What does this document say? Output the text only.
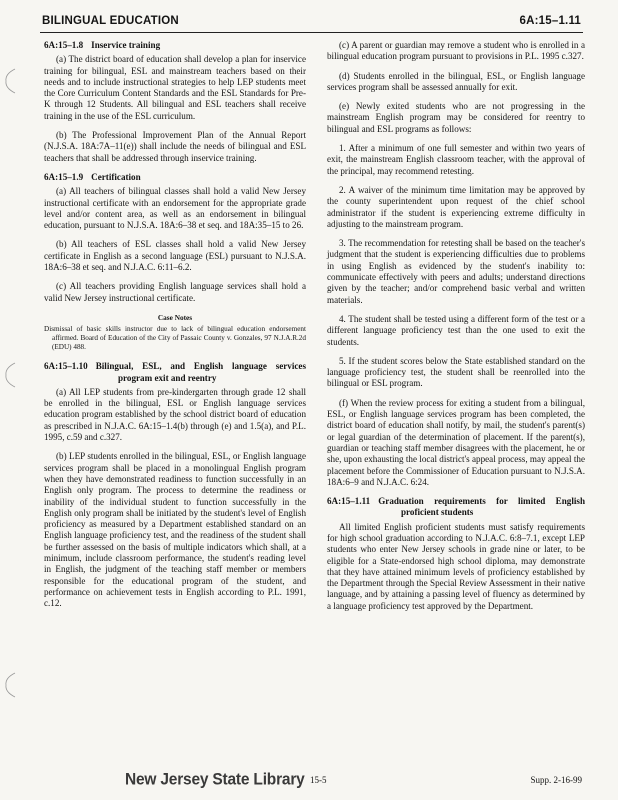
BILINGUAL EDUCATION	6A:15–1.11
6A:15–1.8 Inservice training

(a) The district board of education shall develop a plan for inservice training for bilingual, ESL and mainstream teachers based on their needs and to include instructional strategies to help LEP students meet the Core Curriculum Content Standards and the ESL Standards for Pre-K through 12 Students. All bilingual and ESL teachers shall receive training in the use of the ESL curriculum.

(b) The Professional Improvement Plan of the Annual Report (N.J.S.A. 18A:7A–11(e)) shall include the needs of bilingual and ESL teachers that shall be addressed through inservice training.

6A:15–1.9 Certification

(a) All teachers of bilingual classes shall hold a valid New Jersey instructional certificate with an endorsement for the appropriate grade level and/or content area, as well as an endorsement in bilingual education, pursuant to N.J.S.A. 18A:6–38 et seq. and 18A:35–15 to 26.

(b) All teachers of ESL classes shall hold a valid New Jersey certificate in English as a second language (ESL) pursuant to N.J.S.A. 18A:6–38 et seq. and N.J.A.C. 6:11–6.2.

(c) All teachers providing English language services shall hold a valid New Jersey instructional certificate.

Case Notes
Dismissal of basic skills instructor due to lack of bilingual education endorsement affirmed. Board of Education of the City of Passaic County v. Gonzales, 97 N.J.A.R.2d (EDU) 488.
6A:15–1.10 Bilingual, ESL, and English language services program exit and reentry

(a) All LEP students from pre-kindergarten through grade 12 shall be enrolled in the bilingual, ESL or English language services education program established by the school district board of education as prescribed in N.J.A.C. 6A:15–1.4(b) through (e) and 1.5(a), and P.L. 1995, c.59 and c.327.

(b) LEP students enrolled in the bilingual, ESL, or English language services program shall be placed in a monolingual English program when they have demonstrated readiness to function successfully in an English only program. The process to determine the readiness or inability of the individual student to function successfully in the English only program shall be initiated by the student's level of English proficiency as measured by a Department established standard on an English language proficiency test, and the readiness of the student shall be further assessed on the basis of multiple indicators which shall, at a minimum, include classroom performance, the student's reading level in English, the judgment of the teaching staff member or members responsible for the educational program of the student, and performance on achievement tests in English according to P.L. 1991, c.12.

(c) A parent or guardian may remove a student who is enrolled in a bilingual education program pursuant to provisions in P.L. 1995 c.327.

(d) Students enrolled in the bilingual, ESL, or English language services program shall be assessed annually for exit.

(e) Newly exited students who are not progressing in the mainstream English program may be considered for reentry to bilingual and ESL programs as follows:

1. After a minimum of one full semester and within two years of exit, the mainstream English classroom teacher, with the approval of the principal, may recommend retesting.

2. A waiver of the minimum time limitation may be approved by the county superintendent upon request of the chief school administrator if the student is experiencing extreme difficulty in adjusting to the mainstream program.

3. The recommendation for retesting shall be based on the teacher's judgment that the student is experiencing difficulties due to problems in using English as evidenced by the student's inability to: communicate effectively with peers and adults; understand directions given by the teacher; and/or comprehend basic verbal and written materials.

4. The student shall be tested using a different form of the test or a different language proficiency test than the one used to exit the students.

5. If the student scores below the State established standard on the language proficiency test, the student shall be reenrolled into the bilingual or ESL program.

(f) When the review process for exiting a student from a bilingual, ESL, or English language services program has been completed, the district board of education shall notify, by mail, the student's parent(s) or legal guardian of the determination of placement. If the parent(s), guardian or teaching staff member disagrees with the placement, he or she, upon exhausting the local district's appeal process, may appeal the placement before the Commissioner of Education pursuant to N.J.S.A. 18A:6–9 and N.J.A.C. 6:24.

6A:15–1.11 Graduation requirements for limited English proficient students

All limited English proficient students must satisfy requirements for high school graduation according to N.J.A.C. 6:8–7.1, except LEP students who enter New Jersey schools in grade nine or later, to be eligible for a State-endorsed high school diploma, may demonstrate that they have attained minimum levels of proficiency established by the Department through the Special Review Assessment in their native language, and by attaining a passing level of fluency as determined by a language proficiency test approved by the Department.

New Jersey State Library 15-5	Supp. 2-16-99
